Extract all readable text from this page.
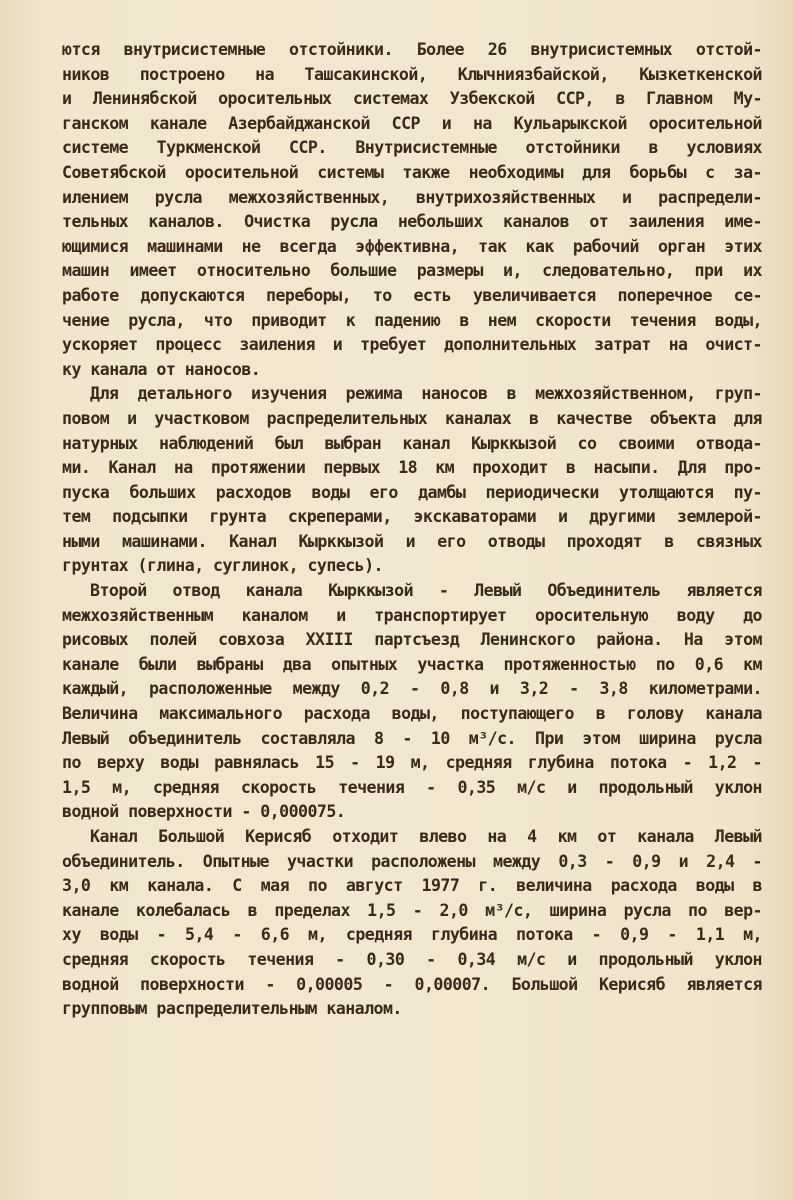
ются внутрисистемные отстойники. Более 26 внутрисистемных отстой-
ников построено на Ташсакинской, Клычниязбайской, Кызкеткенской
и Ленинябской оросительных системах Узбекской ССР, в Главном Му-
ганском канале Азербайджанской ССР и на Кульарыкской оросительной
системе Туркменской ССР. Внутрисистемные отстойники в условиях
Советябской оросительной системы также необходимы для борьбы с за-
илением русла межхозяйственных, внутрихозяйственных и распредели-
тельных каналов. Очистка русла небольших каналов от заиления име-
ющимися машинами не всегда эффективна, так как рабочий орган этих
машин имеет относительно большие размеры и, следовательно, при их
работе допускаются переборы, то есть увеличивается поперечное се-
чение русла, что приводит к падению в нем скорости течения воды,
ускоряет процесс заиления и требует дополнительных затрат на очист-
ку канала от наносов.
Для детального изучения режима наносов в межхозяйственном, груп-
повом и участковом распределительных каналах в качестве объекта для
натурных наблюдений был выбран канал Кырккызой со своими отвода-
ми. Канал на протяжении первых 18 км проходит в насыпи. Для про-
пуска больших расходов воды его дамбы периодически утолщаются пу-
тем подсыпки грунта скреперами, экскаваторами и другими землерой-
ными машинами. Канал Кырккызой и его отводы проходят в связных
грунтах (глина, суглинок, супесь).
Второй отвод канала Кырккызой - Левый Объединитель является
межхозяйственным каналом и транспортирует оросительную воду до
рисовых полей совхоза XXIII партсъезд Ленинского района. На этом
канале были выбраны два опытных участка протяженностью по 0,6 км
каждый, расположенные между 0,2 - 0,8 и 3,2 - 3,8 километрами.
Величина максимального расхода воды, поступающего в голову канала
Левый объединитель составляла 8 - 10 м³/с. При этом ширина русла
по верху воды равнялась 15 - 19 м, средняя глубина потока - 1,2 -
1,5 м, средняя скорость течения - 0,35 м/с и продольный уклон
водной поверхности - 0,000075.
Канал Большой Керисяб отходит влево на 4 км от канала Левый
объединитель. Опытные участки расположены между 0,3 - 0,9 и 2,4 -
3,0 км канала. С мая по август 1977 г. величина расхода воды в
канале колебалась в пределах 1,5 - 2,0 м³/с, ширина русла по вер-
ху воды - 5,4 - 6,6 м, средняя глубина потока - 0,9 - 1,1 м,
средняя скорость течения - 0,30 - 0,34 м/с и продольный уклон
водной поверхности - 0,00005 - 0,00007. Большой Керисяб является
групповым распределительным каналом.
